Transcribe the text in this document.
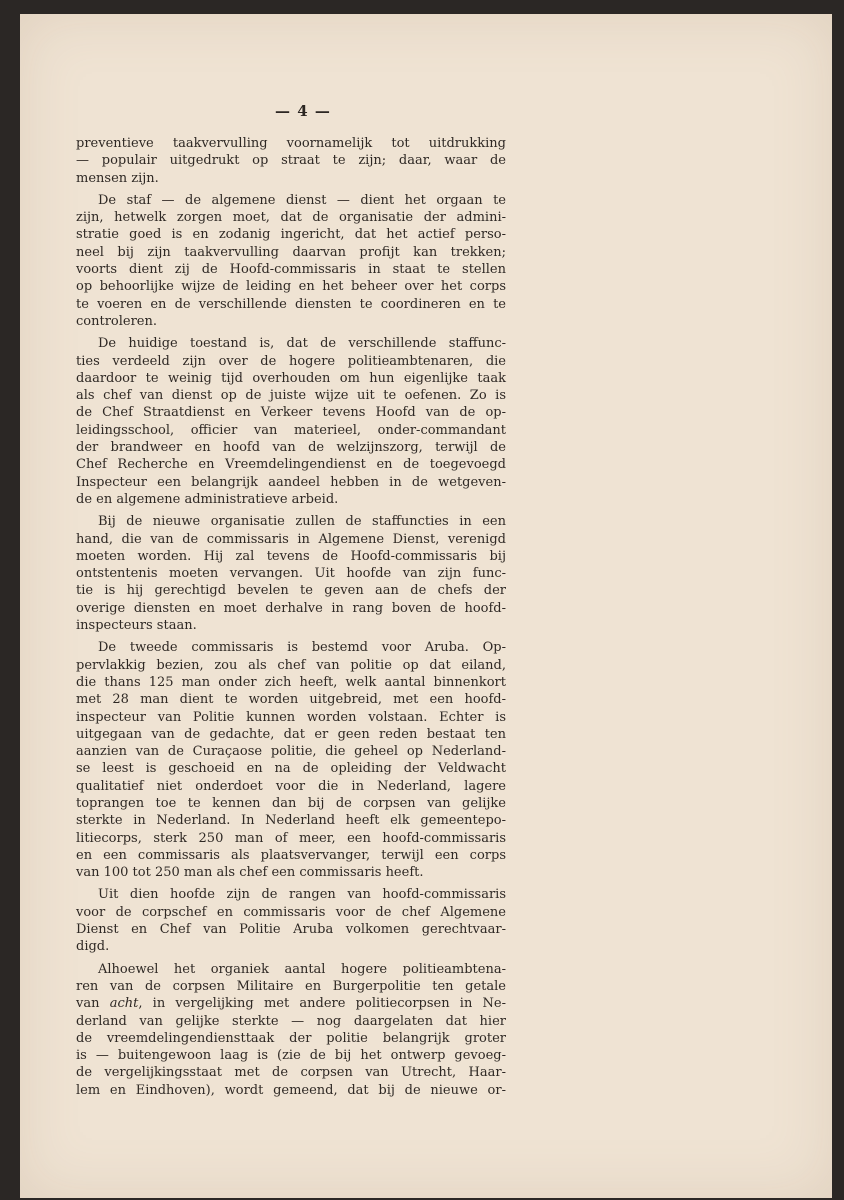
— 4 —
preventieve taakvervulling voornamelijk tot uitdrukking
— populair uitgedrukt op straat te zijn; daar, waar de
mensen zijn.
De staf — de algemene dienst — dient het orgaan te
zijn, hetwelk zorgen moet, dat de organisatie der admini-
stratie goed is en zodanig ingericht, dat het actief perso-
neel bij zijn taakvervulling daarvan profijt kan trekken;
voorts dient zij de Hoofd-commissaris in staat te stellen
op behoorlijke wijze de leiding en het beheer over het corps
te voeren en de verschillende diensten te coordineren en te
controleren.
De huidige toestand is, dat de verschillende staffunc-
ties verdeeld zijn over de hogere politieambtenaren, die
daardoor te weinig tijd overhouden om hun eigenlijke taak
als chef van dienst op de juiste wijze uit te oefenen. Zo is
de Chef Straatdienst en Verkeer tevens Hoofd van de op-
leidingsschool, officier van materieel, onder-commandant
der brandweer en hoofd van de welzijnszorg, terwijl de
Chef Recherche en Vreemdelingendienst en de toegevoegd
Inspecteur een belangrijk aandeel hebben in de wetgeven-
de en algemene administratieve arbeid.
Bij de nieuwe organisatie zullen de staffuncties in een
hand, die van de commissaris in Algemene Dienst, verenigd
moeten worden. Hij zal tevens de Hoofd-commissaris bij
ontstentenis moeten vervangen. Uit hoofde van zijn func-
tie is hij gerechtigd bevelen te geven aan de chefs der
overige diensten en moet derhalve in rang boven de hoofd-
inspecteurs staan.
De tweede commissaris is bestemd voor Aruba. Op-
pervlakkig bezien, zou als chef van politie op dat eiland,
die thans 125 man onder zich heeft, welk aantal binnenkort
met 28 man dient te worden uitgebreid, met een hoofd-
inspecteur van Politie kunnen worden volstaan. Echter is
uitgegaan van de gedachte, dat er geen reden bestaat ten
aanzien van de Curaçaose politie, die geheel op Nederland-
se leest is geschoeid en na de opleiding der Veldwacht
qualitatief niet onderdoet voor die in Nederland, lagere
toprangen toe te kennen dan bij de corpsen van gelijke
sterkte in Nederland. In Nederland heeft elk gemeentepo-
litiecorps, sterk 250 man of meer, een hoofd-commissaris
en een commissaris als plaatsvervanger, terwijl een corps
van 100 tot 250 man als chef een commissaris heeft.
Uit dien hoofde zijn de rangen van hoofd-commissaris
voor de corpschef en commissaris voor de chef Algemene
Dienst en Chef van Politie Aruba volkomen gerechtvaar-
digd.
Alhoewel het organiek aantal hogere politieambtena-
ren van de corpsen Militaire en Burgerpolitie ten getale
van acht, in vergelijking met andere politiecorpsen in Ne-
derland van gelijke sterkte — nog daargelaten dat hier
de vreemdelingendiensttaak der politie belangrijk groter
is — buitengewoon laag is (zie de bij het ontwerp gevoeg-
de vergelijkingsstaat met de corpsen van Utrecht, Haar-
lem en Eindhoven), wordt gemeend, dat bij de nieuwe or-
